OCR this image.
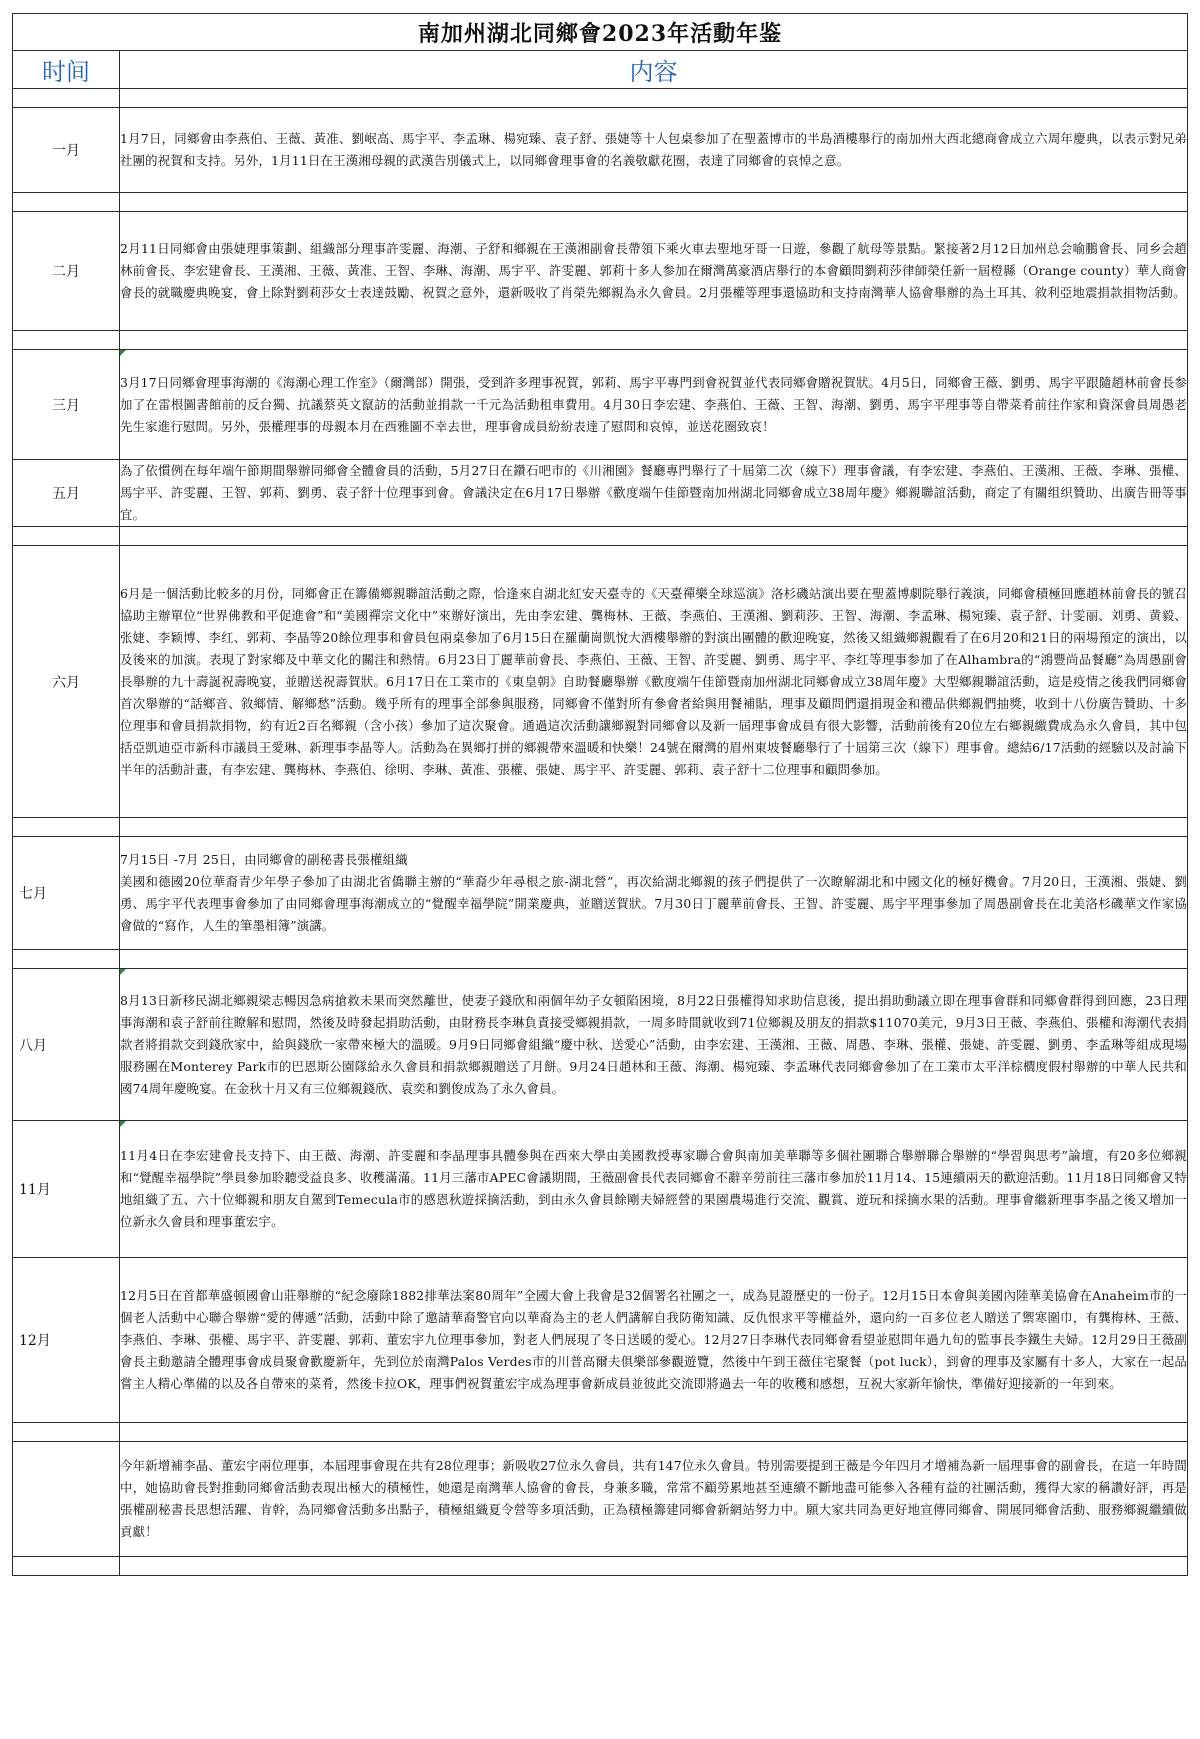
南加州湖北同鄉會2023年活動年鉴	
时间	内容

一月	1月7日，同鄉會由李燕伯、王薇、黃准、劉岷高、馬宇平、李孟琳、楊宛臻、袁子舒、張婕等十人包桌参加了在聖蓋博市的半島酒樓舉行的南加州大西北總商會成立六周年慶典，以表示對兄弟社團的祝賀和支持。另外，1月11日在王漢湘母親的武漢告別儀式上，以同鄉會理事會的名義敬獻花圈，表達了同鄉會的哀悼之意。

二月	2月11日同鄉會由張婕理事策劃、組織部分理事許雯麗、海潮、子舒和鄉親在王漢湘副會長帶領下乘火車去聖地牙哥一日遊，參觀了航母等景點。緊接著2月12日加州总会喻鵬會長、同乡会趙林前會長、李宏建會長、王漢湘、王薇、黃准、王智、李琳、海潮、馬宇平、許雯麗、郭莉十多人参加在爾灣萬豪酒店舉行的本會顧問劉莉莎律師榮任新一屆橙縣（Orange county）華人商會會長的就職慶典晚宴，會上除對劉莉莎女士表達鼓勵、祝賀之意外，還新吸收了肖榮先鄉親為永久會員。2月張權等理事還協助和支持南灣華人協會舉辦的為土耳其、敘利亞地震捐款捐物活動。

三月	3月17日同鄉會理事海潮的《海潮心理工作室》（爾灣部）開張，受到許多理事祝賀，郭莉、馬宇平專門到會祝賀並代表同鄉會贈祝賀狀。4月5日，同鄉會王薇、劉勇、馬宇平跟隨趙林前會長参加了在雷根圖書館前的反台獨、抗議蔡英文竄訪的活動並捐款一千元為活動租車費用。4月30日李宏建、李燕伯、王薇、王智、海潮、劉勇、馬宇平理事等自帶菜肴前往作家和資深會員周愚老先生家進行慰問。另外，張權理事的母親本月在西雅圖不幸去世，理事會成員紛紛表達了慰問和哀悼，並送花圈致哀！
五月	為了依慣例在每年端午節期間舉辦同鄉會全體會員的活動，5月27日在鑽石吧市的《川湘園》餐廳專門舉行了十屆第二次（線下）理事會議，有李宏建、李燕伯、王漢湘、王薇、李琳、張權、馬宇平、許雯麗、王智、郭莉、劉勇、袁子舒十位理事到會。會議決定在6月17日舉辦《歡度端午佳節暨南加州湖北同鄉會成立38周年慶》鄉親聯誼活動，商定了有關组织贊助、出廣告冊等事宜。

六月	6月是一個活動比較多的月份，同鄉會正在籌備鄉親聯誼活動之際，恰逢來自湖北紅安天臺寺的《天臺禪樂全球巡演》洛杉磯站演出要在聖蓋博劇院舉行義演，同鄉會積極回應趙林前會長的號召協助主辦單位“世界佛教和平促進會”和“美國禪宗文化中”來辦好演出，先由李宏建、龔梅林、王薇、李燕伯、王漢湘、劉莉莎、王智、海潮、李孟琳、楊宛臻、袁子舒、计雯丽、刘勇、黄毅、张婕、李颖博、李红、郭莉、李晶等20餘位理事和會員包兩桌參加了6月15日在羅蘭崗凱悅大酒樓舉辦的對演出團體的歡迎晚宴，然後又組織鄉親觀看了在6月20和21日的兩場預定的演出，以及後來的加演。表現了對家鄉及中華文化的關注和熱情。6月23日丁麗華前會長、李燕伯、王薇、王智、許雯麗、劉勇、馬宇平、李红等理事参加了在Alhambra的“鴻豐尚品餐廳”為周愚副會長舉辦的九十壽誕祝壽晚宴，並贈送祝壽賀狀。6月17日在工業市的《東皇朝》自助餐廳舉辦《歡度端午佳節暨南加州湖北同鄉會成立38周年慶》大型鄉親聯誼活動，這是疫情之後我們同鄉會首次舉辦的“話鄉音、敘鄉情、解鄉愁”活動。幾乎所有的理事全部參與服務，同鄉會不僅對所有參會者給與用餐補貼，理事及顧問們還捐現金和禮品供鄉親們抽獎，收到十八份廣告贊助、十多位理事和會員捐款捐物，約有近2百名鄉親（含小孩）參加了這次聚會。通過這次活動讓鄉親對同鄉會以及新一屆理事會成員有很大影響，活動前後有20位左右鄉親繳費成為永久會員，其中包括亞凱迪亞市新科市議員王愛琳、新理事李晶等人。活動為在異鄉打拼的鄉親帶來溫暖和快樂！24號在爾灣的眉州東坡餐廳舉行了十屆第三次（線下）理事會。總結6/17活動的經驗以及討論下半年的活動計畫，有李宏建、龔梅林、李燕伯、徐明、李琳、黃准、張權、張婕、馬宇平、許雯麗、郭莉、袁子舒十二位理事和顧問參加。

七月	7月15日 -7月 25日，由同鄉會的副秘書長張權組織
美國和德國20位華裔青少年學子參加了由湖北省僑聯主辦的“華裔少年尋根之旅-湖北營”，再次給湖北鄉親的孩子們提供了一次瞭解湖北和中國文化的極好機會。7月20日，王漢湘、張婕、劉勇、馬宇平代表理事會參加了由同鄉會理事海潮成立的“覺醒幸福學院”開業慶典，並贈送賀狀。7月30日丁麗華前會長、王智、許雯麗、馬宇平理事參加了周愚副會長在北美洛杉磯華文作家協會做的“寫作，人生的筆墨相簿”演講。

八月	8月13日新移民湖北鄉親梁志暢因急病搶救未果而突然離世，使妻子錢欣和兩個年幼子女頓陷困境，8月22日張權得知求助信息後，提出捐助動議立即在理事會群和同鄉會群得到回應，23日理事海潮和袁子舒前往瞭解和慰問，然後及時發起捐助活動，由財務長李琳負責接受鄉親捐款，一周多時間就收到71位鄉親及朋友的捐款$11070美元，9月3日王薇、李燕伯、張權和海潮代表捐款者將捐款交到錢欣家中，給與錢欣一家帶來極大的溫暖。9月9日同鄉會組織“慶中秋、送愛心”活動，由李宏建、王漢湘、王薇、周愚、李琳、張權、張婕、許雯麗、劉勇、李孟琳等組成現場服務團在Monterey Park市的巴恩斯公園隊給永久會員和捐款鄉親贈送了月餅。9月24日趙林和王薇、海潮、楊宛臻、李孟琳代表同鄉會參加了在工業市太平洋棕櫚度假村舉辦的中華人民共和國74周年慶晚宴。在金秋十月又有三位鄉親錢欣、袁奕和劉俊成為了永久會員。
11月	11月4日在李宏建會長支持下、由王薇、海潮、許雯麗和李晶理事具體參與在西來大學由美國教授專家聯合會與南加美華聯等多個社團聯合舉辦聯合舉辦的“學習與思考”論壇，有20多位鄉親和“覺醒幸福學院”學員參加聆聽受益良多、收穫滿滿。11月三藩市APEC會議期間，王薇副會長代表同鄉會不辭辛勞前往三藩市參加於11月14、15連續兩天的歡迎活動。11月18日同鄉會又特地組織了五、六十位鄉親和朋友自駕到Temecula市的感恩秋遊採摘活動，到由永久會員餘剛夫婦經營的果園農場進行交流、觀賞、遊玩和採摘水果的活動。理事會繼新理事李晶之後又增加一位新永久會員和理事董宏宇。
12月	12月5日在首都華盛頓國會山莊舉辦的“紀念廢除1882排華法案80周年”全國大會上我會是32個署名社團之一，成為見證歷史的一份子。12月15日本會與美國內陸華美協會在Anaheim市的一個老人活動中心聯合舉辦“愛的傳遞”活動，活動中除了邀請華裔警官向以華裔為主的老人們講解自我防衛知識、反仇恨求平等權益外，還向約一百多位老人贈送了禦寒圍巾，有龔梅林、王薇、李燕伯、李琳、張權、馬宇平、許雯麗、郭莉、董宏宇九位理事參加，對老人們展現了冬日送暖的愛心。12月27日李琳代表同鄉會看望並慰問年過九旬的監事長李鐵生夫婦。12月29日王薇副會長主動邀請全體理事會成員聚會歡慶新年，先到位於南灣Palos Verdes市的川普高爾夫俱樂部參觀遊覽，然後中午到王薇住宅聚餐（pot luck），到會的理事及家屬有十多人，大家在一起品嘗主人精心準備的以及各自帶來的菜肴，然後卡拉OK，理事們祝賀董宏宇成為理事會新成員並彼此交流即將過去一年的收穫和感想，互祝大家新年愉快，準備好迎接新的一年到來。

	今年新增補李晶、董宏宇兩位理事，本屆理事會現在共有28位理事；新吸收27位永久會員，共有147位永久會員。特別需要提到王薇是今年四月才增補為新一屆理事會的副會長，在這一年時間中，她協助會長對推動同鄉會活動表現出極大的積極性，她還是南灣華人協會的會長，身兼多職，常常不顧勞累地甚至連續不斷地盡可能參入各種有益的社團活動，獲得大家的稱讚好評，再是張權副秘書長思想活躍、肯幹，為同鄉會活動多出點子，積極組織夏令營等多項活動，正為積極籌建同鄉會新網站努力中。願大家共同為更好地宣傳同鄉會、開展同鄉會活動、服務鄉親繼續做貢獻！
